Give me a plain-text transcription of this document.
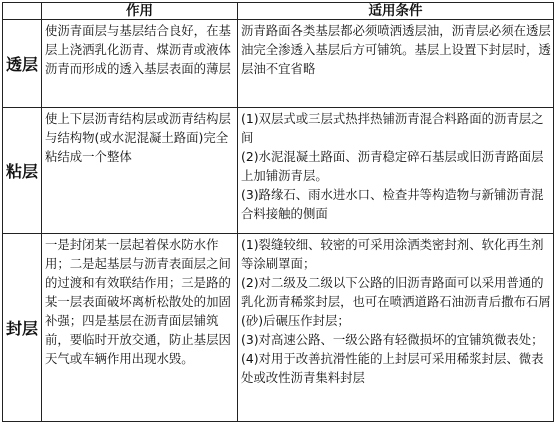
	作用	适用条件
透层	使沥青面层与基层结合良好，在基层上浇洒乳化沥青、煤沥青或液体沥青而形成的透入基层表面的薄层	沥青路面各类基层都必须喷洒透层油，沥青层必须在透层油完全渗透入基层后方可铺筑。基层上设置下封层时，透层油不宜省略

粘层	使上下层沥青结构层或沥青结构层与结构物(或水泥混凝土路面)完全粘结成一个整体	(1)双层式或三层式热拌热铺沥青混合料路面的沥青层之间
(2)水泥混凝土路面、沥青稳定碎石基层或旧沥青路面层上加铺沥青层。
(3)路缘石、雨水进水口、检查井等构造物与新铺沥青混合料接触的侧面

封层	一是封闭某一层起着保水防水作用；二是起基层与沥青表面层之间的过渡和有效联结作用；三是路的某一层表面破坏离析松散处的加固补强；四是基层在沥青面层铺筑前，要临时开放交通，防止基层因天气或车辆作用出现水毁。	(1)裂缝较细、较密的可采用涂洒类密封剂、软化再生剂等涂刷罩面；
(2)对二级及二级以下公路的旧沥青路面可以采用普通的乳化沥青稀浆封层，也可在喷洒道路石油沥青后撒布石屑(砂)后碾压作封层；
(3)对高速公路、一级公路有轻微损坏的宜铺筑微表处；
(4)对用于改善抗滑性能的上封层可采用稀浆封层、微表处或改性沥青集料封层
